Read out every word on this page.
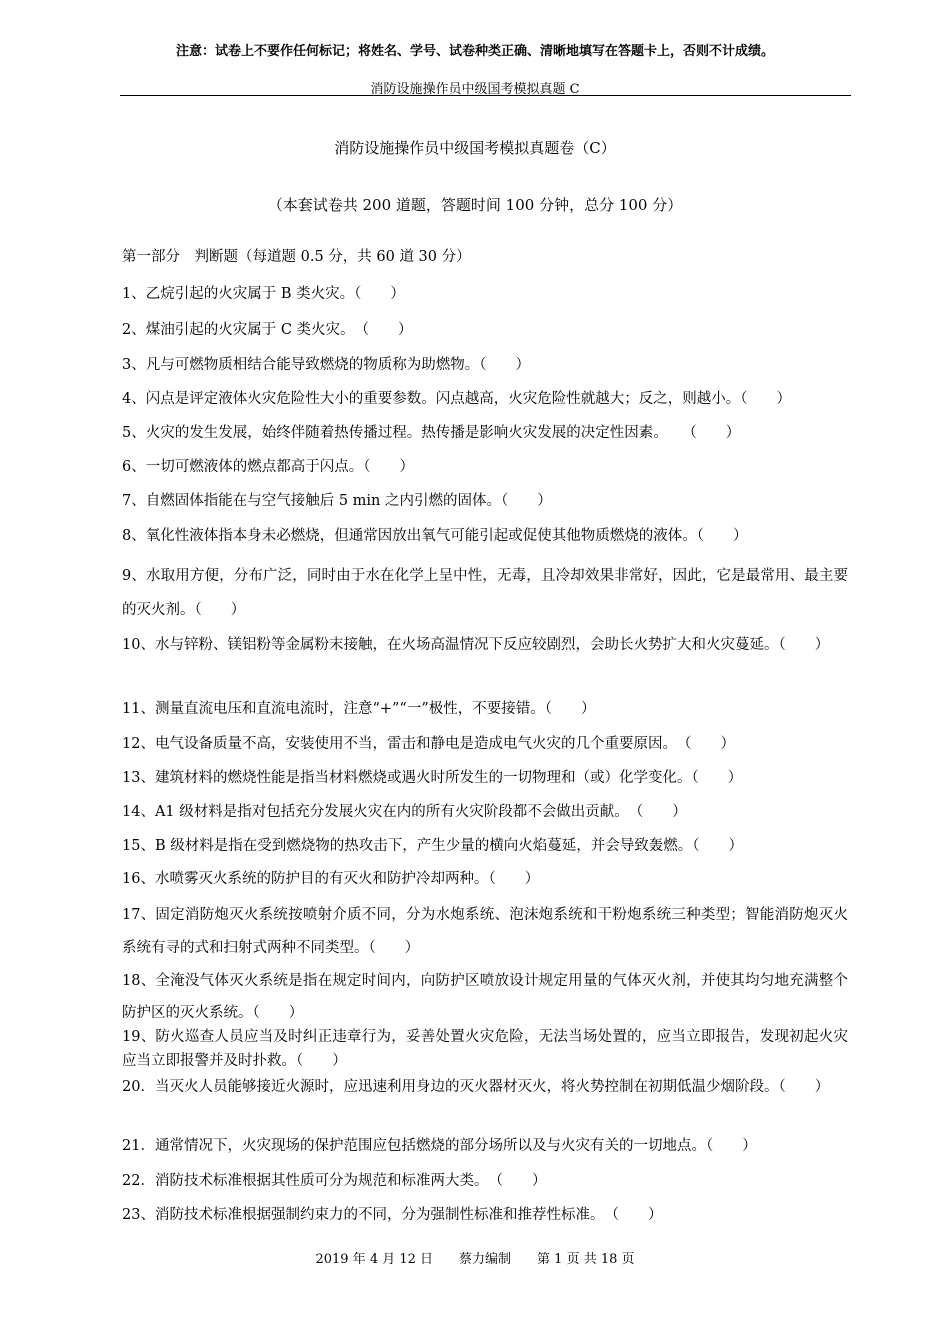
注意：试卷上不要作任何标记；将姓名、学号、试卷种类正确、清晰地填写在答题卡上，否则不计成绩。
消防设施操作员中级国考模拟真题 C
消防设施操作员中级国考模拟真题卷（C）
（本套试卷共 200 道题，答题时间 100 分钟，总分 100 分）
第一部分　判断题（每道题 0.5 分，共 60 道 30 分）
1、乙烷引起的火灾属于 B 类火灾。（　　）
2、煤油引起的火灾属于 C 类火灾。　（　　）
3、凡与可燃物质相结合能导致燃烧的物质称为助燃物。（　　）
4、闪点是评定液体火灾危险性大小的重要参数。闪点越高，火灾危险性就越大；反之，则越小。（　　）
5、火灾的发生发展，始终伴随着热传播过程。热传播是影响火灾发展的决定性因素。　　（　　）
6、一切可燃液体的燃点都高于闪点。（　　）
7、自燃固体指能在与空气接触后 5 min 之内引燃的固体。（　　）
8、氧化性液体指本身未必燃烧，但通常因放出氧气可能引起或促使其他物质燃烧的液体。（　　）
9、水取用方便，分布广泛，同时由于水在化学上呈中性，无毒，且冷却效果非常好，因此，它是最常用、最主要的灭火剂。（　　）
10、水与锌粉、镁铝粉等金属粉末接触，在火场高温情况下反应较剧烈，会助长火势扩大和火灾蔓延。（　　）
11、测量直流电压和直流电流时，注意“+”“一”极性，不要接错。（　　）
12、电气设备质量不高，安装使用不当，雷击和静电是造成电气火灾的几个重要原因。　（　　）
13、建筑材料的燃烧性能是指当材料燃烧或遇火时所发生的一切物理和（或）化学变化。（　　）
14、A1 级材料是指对包括充分发展火灾在内的所有火灾阶段都不会做出贡献。　（　　）
15、B 级材料是指在受到燃烧物的热攻击下，产生少量的横向火焰蔓延，并会导致轰燃。（　　）
16、水喷雾灭火系统的防护目的有灭火和防护冷却两种。（　　）
17、固定消防炮灭火系统按喷射介质不同，分为水炮系统、泡沫炮系统和干粉炮系统三种类型；智能消防炮灭火系统有寻的式和扫射式两种不同类型。（　　）
18、全淹没气体灭火系统是指在规定时间内，向防护区喷放设计规定用量的气体灭火剂，并使其均匀地充满整个防护区的灭火系统。（　　）
19、防火巡查人员应当及时纠正违章行为，妥善处置火灾危险，无法当场处置的，应当立即报告，发现初起火灾应当立即报警并及时扑救。（　　）
20．当灭火人员能够接近火源时，应迅速利用身边的灭火器材灭火，将火势控制在初期低温少烟阶段。（　　）
21．通常情况下，火灾现场的保护范围应包括燃烧的部分场所以及与火灾有关的一切地点。（　　）
22．消防技术标准根据其性质可分为规范和标准两大类。　（　　）
23、消防技术标准根据强制约束力的不同，分为强制性标准和推荐性标准。　（　　）
2019 年 4 月 12 日　　蔡力编制　　第 1 页 共 18 页
